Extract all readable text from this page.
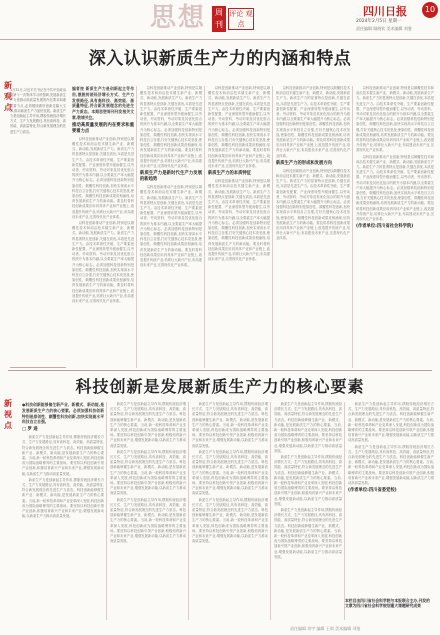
思想	周刊
评论 观点
四川日报	10
2024年2月5日 星期一
责任编辑 顾晓钦 美术编辑 刘鉴
深入认识新质生产力的内涵和特点
新 观 点
1月31日,习近平总书记在中共中央政治局第十一次集体学习时强调,发展新质生产力是推动高质量发展的内在要求和重要着力点,必须继续做好创新这篇大文章,推动新质生产力加快发展。新质生产力是创新起主导作用,摆脱传统经济增长方式、生产力发展路径,具有高科技、高效能、高质量特征,符合新发展理念的先进生产力质态。
编者按 新质生产力是创新起主导作用,摆脱传统经济增长方式、生产力发展路径,具有高科技、高效能、高质量特征,符合新发展理念的先进生产力质态。本期思想周刊刊发相关文章,敬请关注。
推动高质量发展的内在要求和重要着力点

以科技创新推动产业创新,特别是以颠覆性技术和前沿技术催生新产业、新模式、新动能,发展新质生产力。新质生产力的显著特点是创新,关键在质优,本质是先进生产力。由技术革命性突破、生产要素创新性配置、产业深度转型升级而催生,以劳动者、劳动资料、劳动对象及其优化组合的跃升为基本内涵,以全要素生产率大幅提升为核心标志。必须加强科技创新特别是原创性、颠覆性科技创新,加快实现高水平科技自立自强,打好关键核心技术攻坚战,使原创性、颠覆性科技创新成果竞相涌现,培育发展新质生产力的新动能。要及时将科技创新成果应用到具体产业和产业链上,改造提升传统产业,培育壮大新兴产业,布局建设未来产业,完善现代化产业体系。

以科技创新推动产业创新,特别是以颠覆性技术和前沿技术催生新产业、新模式、新动能,发展新质生产力。新质生产力的显著特点是创新,关键在质优,本质是先进生产力。由技术革命性突破、生产要素创新性配置、产业深度转型升级而催生,以劳动者、劳动资料、劳动对象及其优化组合的跃升为基本内涵,以全要素生产率大幅提升为核心标志。必须加强科技创新特别是原创性、颠覆性科技创新,加快实现高水平科技自立自强,打好关键核心技术攻坚战,使原创性、颠覆性科技创新成果竞相涌现,培育发展新质生产力的新动能。要及时将科技创新成果应用到具体产业和产业链上,改造提升传统产业,培育壮大新兴产业,布局建设未来产业,完善现代化产业体系。

以科技创新推动产业创新,特别是以颠覆性技术和前沿技术催生新产业、新模式、新动能,发展新质生产力。新质生产力的显著特点是创新,关键在质优,本质是先进生产力。由技术革命性突破、生产要素创新性配置、产业深度转型升级而催生,以劳动者、劳动资料、劳动对象及其优化组合的跃升为基本内涵,以全要素生产率大幅提升为核心标志。必须加强科技创新特别是原创性、颠覆性科技创新,加快实现高水平科技自立自强,打好关键核心技术攻坚战,使原创性、颠覆性科技创新成果竞相涌现,培育发展新质生产力的新动能。要及时将科技创新成果应用到具体产业和产业链上,改造提升传统产业,培育壮大新兴产业,布局建设未来产业,完善现代化产业体系。

新质生产力是新时代生产力发展的新趋势

以科技创新推动产业创新,特别是以颠覆性技术和前沿技术催生新产业、新模式、新动能,发展新质生产力。新质生产力的显著特点是创新,关键在质优,本质是先进生产力。由技术革命性突破、生产要素创新性配置、产业深度转型升级而催生,以劳动者、劳动资料、劳动对象及其优化组合的跃升为基本内涵,以全要素生产率大幅提升为核心标志。必须加强科技创新特别是原创性、颠覆性科技创新,加快实现高水平科技自立自强,打好关键核心技术攻坚战,使原创性、颠覆性科技创新成果竞相涌现,培育发展新质生产力的新动能。要及时将科技创新成果应用到具体产业和产业链上,改造提升传统产业,培育壮大新兴产业,布局建设未来产业,完善现代化产业体系。

以科技创新推动产业创新,特别是以颠覆性技术和前沿技术催生新产业、新模式、新动能,发展新质生产力。新质生产力的显著特点是创新,关键在质优,本质是先进生产力。由技术革命性突破、生产要素创新性配置、产业深度转型升级而催生,以劳动者、劳动资料、劳动对象及其优化组合的跃升为基本内涵,以全要素生产率大幅提升为核心标志。必须加强科技创新特别是原创性、颠覆性科技创新,加快实现高水平科技自立自强,打好关键核心技术攻坚战,使原创性、颠覆性科技创新成果竞相涌现,培育发展新质生产力的新动能。要及时将科技创新成果应用到具体产业和产业链上,改造提升传统产业,培育壮大新兴产业,布局建设未来产业,完善现代化产业体系。

新质生产力的本质特征

以科技创新推动产业创新,特别是以颠覆性技术和前沿技术催生新产业、新模式、新动能,发展新质生产力。新质生产力的显著特点是创新,关键在质优,本质是先进生产力。由技术革命性突破、生产要素创新性配置、产业深度转型升级而催生,以劳动者、劳动资料、劳动对象及其优化组合的跃升为基本内涵,以全要素生产率大幅提升为核心标志。必须加强科技创新特别是原创性、颠覆性科技创新,加快实现高水平科技自立自强,打好关键核心技术攻坚战,使原创性、颠覆性科技创新成果竞相涌现,培育发展新质生产力的新动能。要及时将科技创新成果应用到具体产业和产业链上,改造提升传统产业,培育壮大新兴产业,布局建设未来产业,完善现代化产业体系。

以科技创新推动产业创新,特别是以颠覆性技术和前沿技术催生新产业、新模式、新动能,发展新质生产力。新质生产力的显著特点是创新,关键在质优,本质是先进生产力。由技术革命性突破、生产要素创新性配置、产业深度转型升级而催生,以劳动者、劳动资料、劳动对象及其优化组合的跃升为基本内涵,以全要素生产率大幅提升为核心标志。必须加强科技创新特别是原创性、颠覆性科技创新,加快实现高水平科技自立自强,打好关键核心技术攻坚战,使原创性、颠覆性科技创新成果竞相涌现,培育发展新质生产力的新动能。要及时将科技创新成果应用到具体产业和产业链上,改造提升传统产业,培育壮大新兴产业,布局建设未来产业,完善现代化产业体系。

新质生产力的形成和发展方向

以科技创新推动产业创新,特别是以颠覆性技术和前沿技术催生新产业、新模式、新动能,发展新质生产力。新质生产力的显著特点是创新,关键在质优,本质是先进生产力。由技术革命性突破、生产要素创新性配置、产业深度转型升级而催生,以劳动者、劳动资料、劳动对象及其优化组合的跃升为基本内涵,以全要素生产率大幅提升为核心标志。必须加强科技创新特别是原创性、颠覆性科技创新,加快实现高水平科技自立自强,打好关键核心技术攻坚战,使原创性、颠覆性科技创新成果竞相涌现,培育发展新质生产力的新动能。要及时将科技创新成果应用到具体产业和产业链上,改造提升传统产业,培育壮大新兴产业,布局建设未来产业,完善现代化产业体系。

以科技创新推动产业创新,特别是以颠覆性技术和前沿技术催生新产业、新模式、新动能,发展新质生产力。新质生产力的显著特点是创新,关键在质优,本质是先进生产力。由技术革命性突破、生产要素创新性配置、产业深度转型升级而催生,以劳动者、劳动资料、劳动对象及其优化组合的跃升为基本内涵,以全要素生产率大幅提升为核心标志。必须加强科技创新特别是原创性、颠覆性科技创新,加快实现高水平科技自立自强,打好关键核心技术攻坚战,使原创性、颠覆性科技创新成果竞相涌现,培育发展新质生产力的新动能。要及时将科技创新成果应用到具体产业和产业链上,改造提升传统产业,培育壮大新兴产业,布局建设未来产业,完善现代化产业体系。

以科技创新推动产业创新,特别是以颠覆性技术和前沿技术催生新产业、新模式、新动能,发展新质生产力。新质生产力的显著特点是创新,关键在质优,本质是先进生产力。由技术革命性突破、生产要素创新性配置、产业深度转型升级而催生,以劳动者、劳动资料、劳动对象及其优化组合的跃升为基本内涵,以全要素生产率大幅提升为核心标志。必须加强科技创新特别是原创性、颠覆性科技创新,加快实现高水平科技自立自强,打好关键核心技术攻坚战,使原创性、颠覆性科技创新成果竞相涌现,培育发展新质生产力的新动能。要及时将科技创新成果应用到具体产业和产业链上,改造提升传统产业,培育壮大新兴产业,布局建设未来产业,完善现代化产业体系。

(作者单位:四川省社会科学院)

科技创新是发展新质生产力的核心要素
新 视 点
●科技创新能够催生新产业、新模式、新动能,是发展新质生产力的核心要素。必须加强科技创新特别是原创性、颠覆性科技创新,加快实现高水平科技自立自强。
□ 罗 进

新质生产力是创新起主导作用,摆脱传统经济增长方式、生产力发展路径,具有高科技、高效能、高质量特征,符合新发展理念的先进生产力质态。科技创新能够催生新产业、新模式、新动能,是发展新质生产力的核心要素。当前,新一轮科技革命和产业变革深入发展,科技创新成为国际战略博弈的主要战场。要坚持以科技创新引领产业创新,积极培育新兴产业和未来产业,增强发展新动能,以新质生产力推动高质量发展。

新质生产力是创新起主导作用,摆脱传统经济增长方式、生产力发展路径,具有高科技、高效能、高质量特征,符合新发展理念的先进生产力质态。科技创新能够催生新产业、新模式、新动能,是发展新质生产力的核心要素。当前,新一轮科技革命和产业变革深入发展,科技创新成为国际战略博弈的主要战场。要坚持以科技创新引领产业创新,积极培育新兴产业和未来产业,增强发展新动能,以新质生产力推动高质量发展。

新质生产力是创新起主导作用,摆脱传统经济增长方式、生产力发展路径,具有高科技、高效能、高质量特征,符合新发展理念的先进生产力质态。科技创新能够催生新产业、新模式、新动能,是发展新质生产力的核心要素。当前,新一轮科技革命和产业变革深入发展,科技创新成为国际战略博弈的主要战场。要坚持以科技创新引领产业创新,积极培育新兴产业和未来产业,增强发展新动能,以新质生产力推动高质量发展。

新质生产力是创新起主导作用,摆脱传统经济增长方式、生产力发展路径,具有高科技、高效能、高质量特征,符合新发展理念的先进生产力质态。科技创新能够催生新产业、新模式、新动能,是发展新质生产力的核心要素。当前,新一轮科技革命和产业变革深入发展,科技创新成为国际战略博弈的主要战场。要坚持以科技创新引领产业创新,积极培育新兴产业和未来产业,增强发展新动能,以新质生产力推动高质量发展。

新质生产力是创新起主导作用,摆脱传统经济增长方式、生产力发展路径,具有高科技、高效能、高质量特征,符合新发展理念的先进生产力质态。科技创新能够催生新产业、新模式、新动能,是发展新质生产力的核心要素。当前,新一轮科技革命和产业变革深入发展,科技创新成为国际战略博弈的主要战场。要坚持以科技创新引领产业创新,积极培育新兴产业和未来产业,增强发展新动能,以新质生产力推动高质量发展。

新质生产力是创新起主导作用,摆脱传统经济增长方式、生产力发展路径,具有高科技、高效能、高质量特征,符合新发展理念的先进生产力质态。科技创新能够催生新产业、新模式、新动能,是发展新质生产力的核心要素。当前,新一轮科技革命和产业变革深入发展,科技创新成为国际战略博弈的主要战场。要坚持以科技创新引领产业创新,积极培育新兴产业和未来产业,增强发展新动能,以新质生产力推动高质量发展。

新质生产力是创新起主导作用,摆脱传统经济增长方式、生产力发展路径,具有高科技、高效能、高质量特征,符合新发展理念的先进生产力质态。科技创新能够催生新产业、新模式、新动能,是发展新质生产力的核心要素。当前,新一轮科技革命和产业变革深入发展,科技创新成为国际战略博弈的主要战场。要坚持以科技创新引领产业创新,积极培育新兴产业和未来产业,增强发展新动能,以新质生产力推动高质量发展。

新质生产力是创新起主导作用,摆脱传统经济增长方式、生产力发展路径,具有高科技、高效能、高质量特征,符合新发展理念的先进生产力质态。科技创新能够催生新产业、新模式、新动能,是发展新质生产力的核心要素。当前,新一轮科技革命和产业变革深入发展,科技创新成为国际战略博弈的主要战场。要坚持以科技创新引领产业创新,积极培育新兴产业和未来产业,增强发展新动能,以新质生产力推动高质量发展。

新质生产力是创新起主导作用,摆脱传统经济增长方式、生产力发展路径,具有高科技、高效能、高质量特征,符合新发展理念的先进生产力质态。科技创新能够催生新产业、新模式、新动能,是发展新质生产力的核心要素。当前,新一轮科技革命和产业变革深入发展,科技创新成为国际战略博弈的主要战场。要坚持以科技创新引领产业创新,积极培育新兴产业和未来产业,增强发展新动能,以新质生产力推动高质量发展。

新质生产力是创新起主导作用,摆脱传统经济增长方式、生产力发展路径,具有高科技、高效能、高质量特征,符合新发展理念的先进生产力质态。科技创新能够催生新产业、新模式、新动能,是发展新质生产力的核心要素。当前,新一轮科技革命和产业变革深入发展,科技创新成为国际战略博弈的主要战场。要坚持以科技创新引领产业创新,积极培育新兴产业和未来产业,增强发展新动能,以新质生产力推动高质量发展。

新质生产力是创新起主导作用,摆脱传统经济增长方式、生产力发展路径,具有高科技、高效能、高质量特征,符合新发展理念的先进生产力质态。科技创新能够催生新产业、新模式、新动能,是发展新质生产力的核心要素。当前,新一轮科技革命和产业变革深入发展,科技创新成为国际战略博弈的主要战场。要坚持以科技创新引领产业创新,积极培育新兴产业和未来产业,增强发展新动能,以新质生产力推动高质量发展。

新质生产力是创新起主导作用,摆脱传统经济增长方式、生产力发展路径,具有高科技、高效能、高质量特征,符合新发展理念的先进生产力质态。科技创新能够催生新产业、新模式、新动能,是发展新质生产力的核心要素。当前,新一轮科技革命和产业变革深入发展,科技创新成为国际战略博弈的主要战场。要坚持以科技创新引领产业创新,积极培育新兴产业和未来产业,增强发展新动能,以新质生产力推动高质量发展。

新质生产力是创新起主导作用,摆脱传统经济增长方式、生产力发展路径,具有高科技、高效能、高质量特征,符合新发展理念的先进生产力质态。科技创新能够催生新产业、新模式、新动能,是发展新质生产力的核心要素。当前,新一轮科技革命和产业变革深入发展,科技创新成为国际战略博弈的主要战场。要坚持以科技创新引领产业创新,积极培育新兴产业和未来产业,增强发展新动能,以新质生产力推动高质量发展。

(作者单位:四川省委党校)

本栏目由四川省社会科学院与本报联合主办,刊发的文章为四川省社会科学规划重大课题研究成果
责任编辑 刘宇 编辑 王琪 美术编辑 刘鉴
